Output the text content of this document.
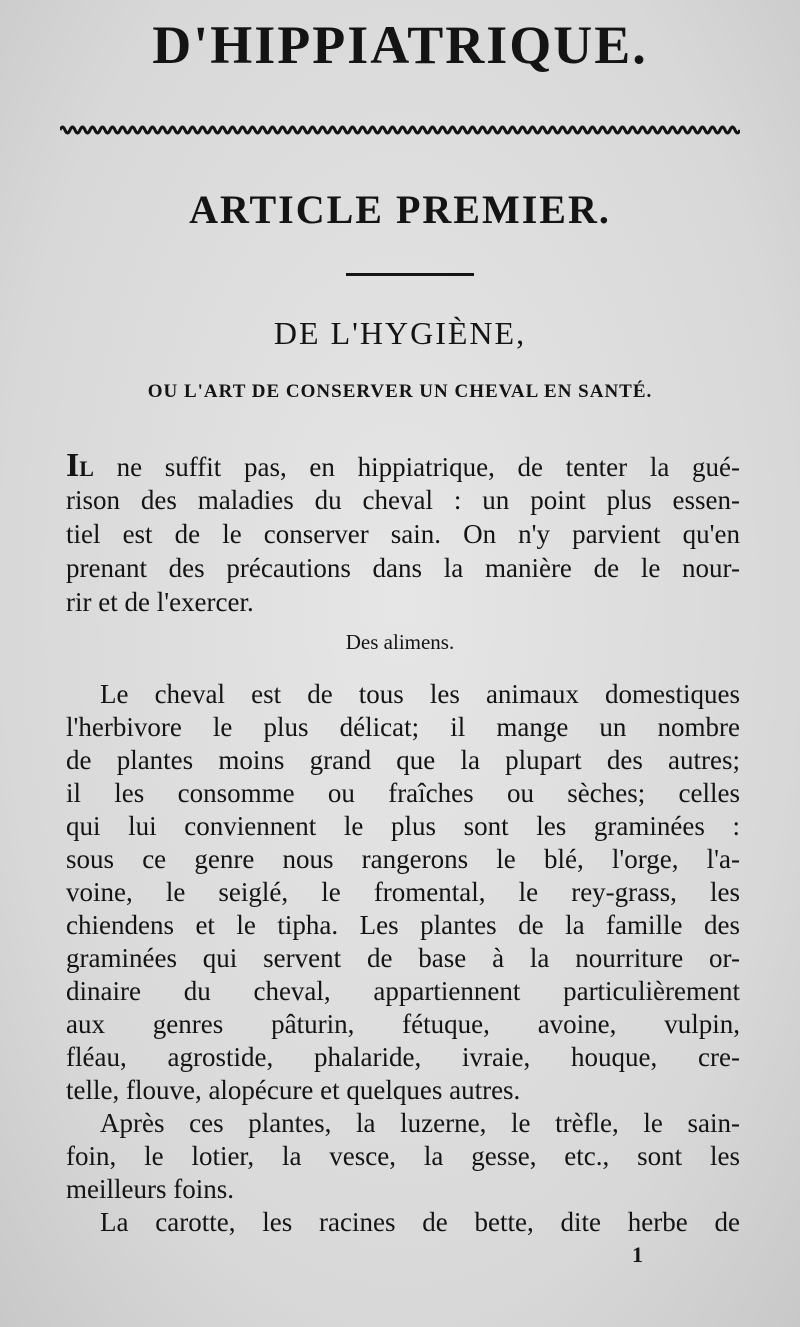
D'HIPPIATRIQUE.
ARTICLE PREMIER.
DE L'HYGIÈNE,
OU L'ART DE CONSERVER UN CHEVAL EN SANTÉ.
IL ne suffit pas, en hippiatrique, de tenter la gué-
rison des maladies du cheval : un point plus essen-
tiel est de le conserver sain. On n'y parvient qu'en
prenant des précautions dans la manière de le nour-
rir et de l'exercer.
Des alimens.
Le cheval est de tous les animaux domestiques
l'herbivore le plus délicat; il mange un nombre
de plantes moins grand que la plupart des autres;
il les consomme ou fraîches ou sèches; celles
qui lui conviennent le plus sont les graminées :
sous ce genre nous rangerons le blé, l'orge, l'a-
voine, le seiglé, le fromental, le rey-grass, les
chiendens et le tipha. Les plantes de la famille des
graminées qui servent de base à la nourriture or-
dinaire du cheval, appartiennent particulièrement
aux genres pâturin, fétuque, avoine, vulpin,
fléau, agrostide, phalaride, ivraie, houque, cre-
telle, flouve, alopécure et quelques autres.
Après ces plantes, la luzerne, le trèfle, le sain-
foin, le lotier, la vesce, la gesse, etc., sont les
meilleurs foins.
La carotte, les racines de bette, dite herbe de
1
